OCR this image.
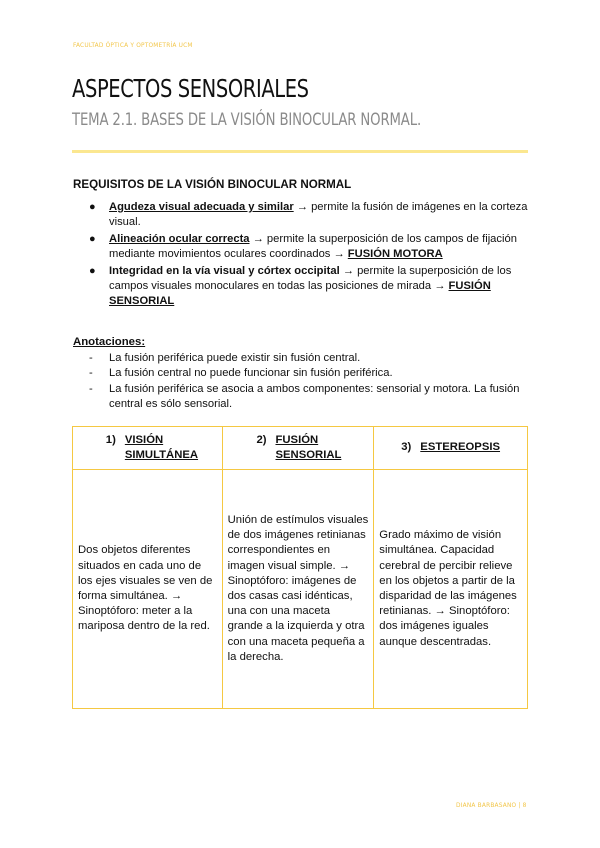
FACULTAD ÓPTICA Y OPTOMETRÍA UCM
ASPECTOS SENSORIALES
TEMA 2.1. BASES DE LA VISIÓN BINOCULAR NORMAL.
REQUISITOS DE LA VISIÓN BINOCULAR NORMAL
● Agudeza visual adecuada y similar → permite la fusión de imágenes en la corteza visual.
● Alineación ocular correcta → permite la superposición de los campos de fijación mediante movimientos oculares coordinados → FUSIÓN MOTORA
● Integridad en la vía visual y córtex occipital → permite la superposición de los campos visuales monoculares en todas las posiciones de mirada → FUSIÓN SENSORIAL
Anotaciones:
- La fusión periférica puede existir sin fusión central.
- La fusión central no puede funcionar sin fusión periférica.
- La fusión periférica se asocia a ambos componentes: sensorial y motora. La fusión central es sólo sensorial.
1) VISIÓN SIMULTÁNEA	2) FUSIÓN SENSORIAL	3) ESTEREOPSIS

Dos objetos diferentes situados en cada uno de los ejes visuales se ven de forma simultánea. → Sinoptóforo: meter a la mariposa dentro de la red.	Unión de estímulos visuales de dos imágenes retinianas correspondientes en imagen visual simple. → Sinoptóforo: imágenes de dos casas casi idénticas, una con una maceta grande a la izquierda y otra con una maceta pequeña a la derecha.	Grado máximo de visión simultánea. Capacidad cerebral de percibir relieve en los objetos a partir de la disparidad de las imágenes retinianas. → Sinoptóforo: dos imágenes iguales aunque descentradas.
DIANA BARBASANO | 8
